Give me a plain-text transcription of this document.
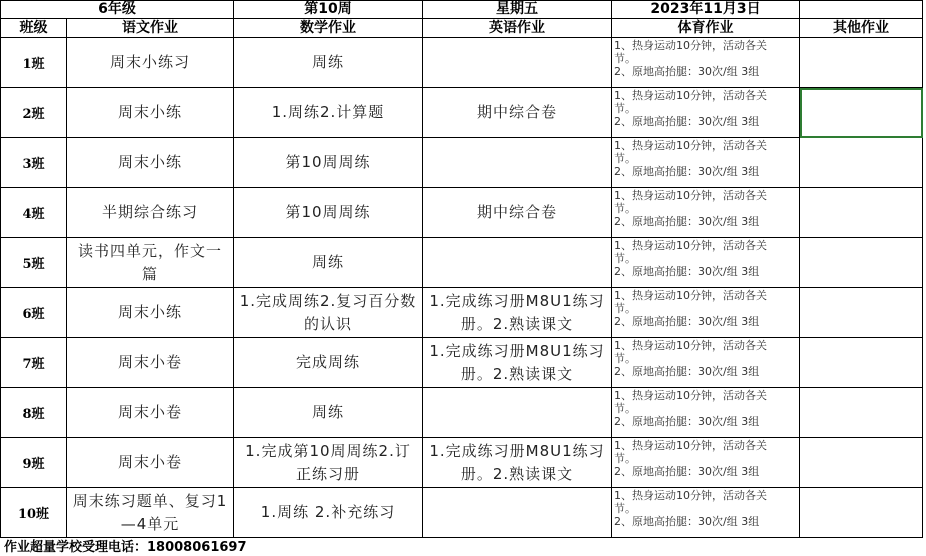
6年级		第10周	星期五	2023年11月3日	
班级	语文作业	数学作业	英语作业	体育作业	其他作业
1班	周末小练习	周练		1、热身运动10分钟，活动各关
节。
2、原地高抬腿：30次/组 3组	

2班	周末小练	1.周练2.计算题	期中综合卷	1、热身运动10分钟，活动各关
节。
2、原地高抬腿：30次/组 3组	

3班	周末小练	第10周周练		1、热身运动10分钟，活动各关
节。
2、原地高抬腿：30次/组 3组	

4班	半期综合练习	第10周周练	期中综合卷	1、热身运动10分钟，活动各关
节。
2、原地高抬腿：30次/组 3组	

5班	读书四单元，作文一篇	周练		1、热身运动10分钟，活动各关
节。
2、原地高抬腿：30次/组 3组	

6班	周末小练	1.完成周练2.复习百分数的认识	1.完成练习册M8U1练习册。2.熟读课文	1、热身运动10分钟，活动各关
节。
2、原地高抬腿：30次/组 3组	

7班	周末小卷	完成周练	1.完成练习册M8U1练习册。2.熟读课文	1、热身运动10分钟，活动各关
节。
2、原地高抬腿：30次/组 3组	

8班	周末小卷	周练		1、热身运动10分钟，活动各关
节。
2、原地高抬腿：30次/组 3组	

9班	周末小卷	1.完成第10周周练2.订正练习册	1.完成练习册M8U1练习册。2.熟读课文	1、热身运动10分钟，活动各关
节。
2、原地高抬腿：30次/组 3组	

10班	周末练习题单、复习1—4单元	1.周练 2.补充练习		1、热身运动10分钟，活动各关
节。
2、原地高抬腿：30次/组 3组	

作业超量学校受理电话：18008061697
